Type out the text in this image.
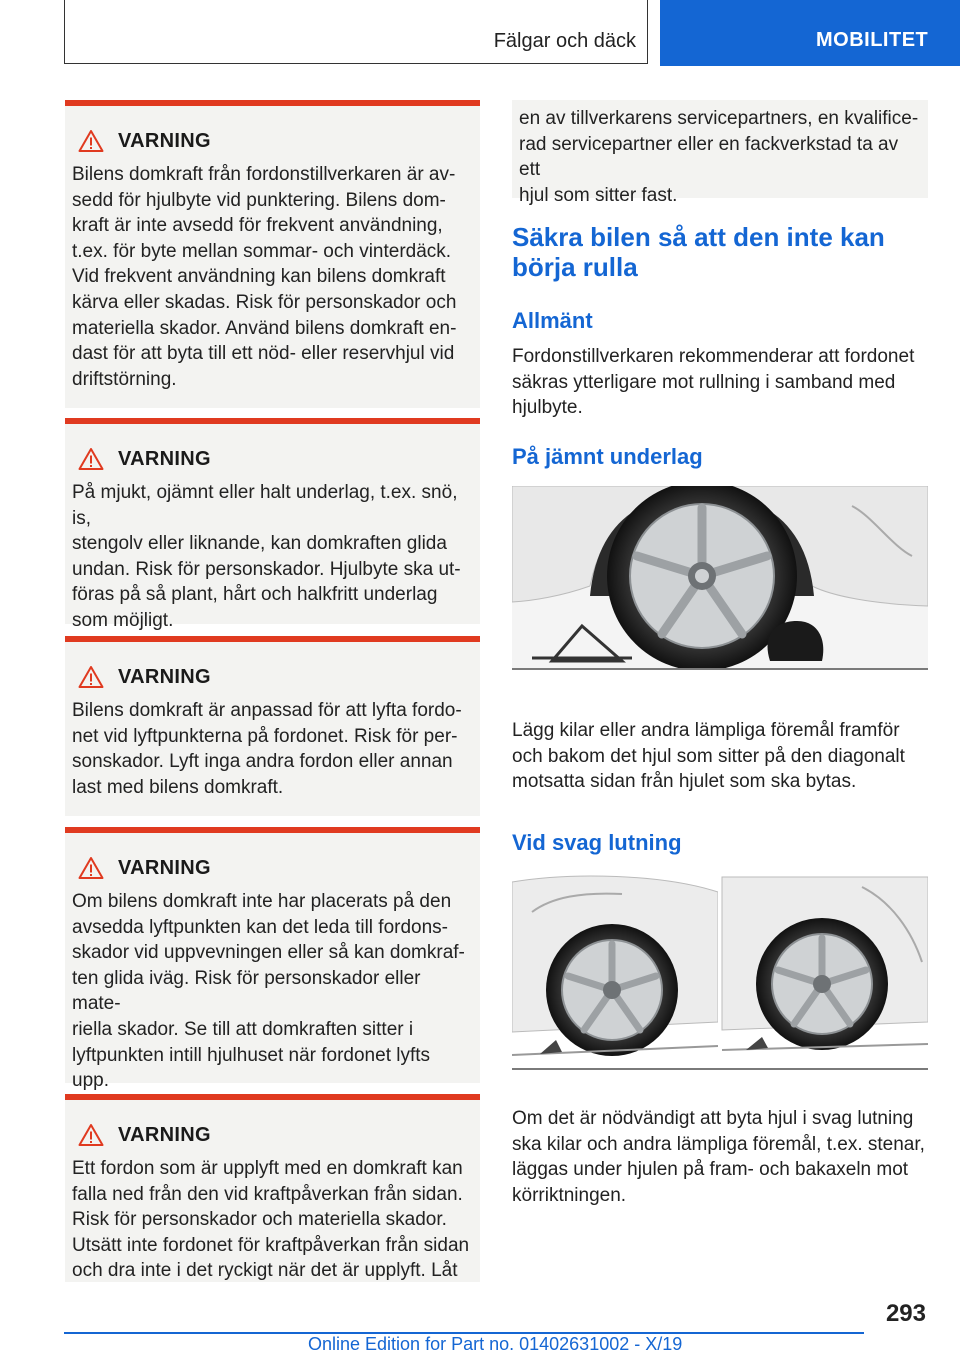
Fälgar och däck	MOBILITET
VARNING
Bilens domkraft från fordonstillverkaren är av-
sedd för hjulbyte vid punktering. Bilens dom-
kraft är inte avsedd för frekvent användning,
t.ex. för byte mellan sommar- och vinterdäck.
Vid frekvent användning kan bilens domkraft
kärva eller skadas. Risk för personskador och
materiella skador. Använd bilens domkraft en-
dast för att byta till ett nöd- eller reservhjul vid
driftstörning.
VARNING
På mjukt, ojämnt eller halt underlag, t.ex. snö, is,
stengolv eller liknande, kan domkraften glida
undan. Risk för personskador. Hjulbyte ska ut-
föras på så plant, hårt och halkfritt underlag
som möjligt.
VARNING
Bilens domkraft är anpassad för att lyfta fordo-
net vid lyftpunkterna på fordonet. Risk för per-
sonskador. Lyft inga andra fordon eller annan
last med bilens domkraft.
VARNING
Om bilens domkraft inte har placerats på den
avsedda lyftpunkten kan det leda till fordons-
skador vid uppvevningen eller så kan domkraf-
ten glida iväg. Risk för personskador eller mate-
riella skador. Se till att domkraften sitter i
lyftpunkten intill hjulhuset när fordonet lyfts
upp.
VARNING
Ett fordon som är upplyft med en domkraft kan
falla ned från den vid kraftpåverkan från sidan.
Risk för personskador och materiella skador.
Utsätt inte fordonet för kraftpåverkan från sidan
och dra inte i det ryckigt när det är upplyft. Låt
en av tillverkarens servicepartners, en kvalifice-
rad servicepartner eller en fackverkstad ta av ett
hjul som sitter fast.
Säkra bilen så att den inte kan
börja rulla
Allmänt
Fordonstillverkaren rekommenderar att fordonet
säkras ytterligare mot rullning i samband med
hjulbyte.
På jämnt underlag
Lägg kilar eller andra lämpliga föremål framför
och bakom det hjul som sitter på den diagonalt
motsatta sidan från hjulet som ska bytas.
Vid svag lutning
Om det är nödvändigt att byta hjul i svag lutning
ska kilar och andra lämpliga föremål, t.ex. stenar,
läggas under hjulen på fram- och bakaxeln mot
körriktningen.
293
Online Edition for Part no. 01402631002 - X/19
